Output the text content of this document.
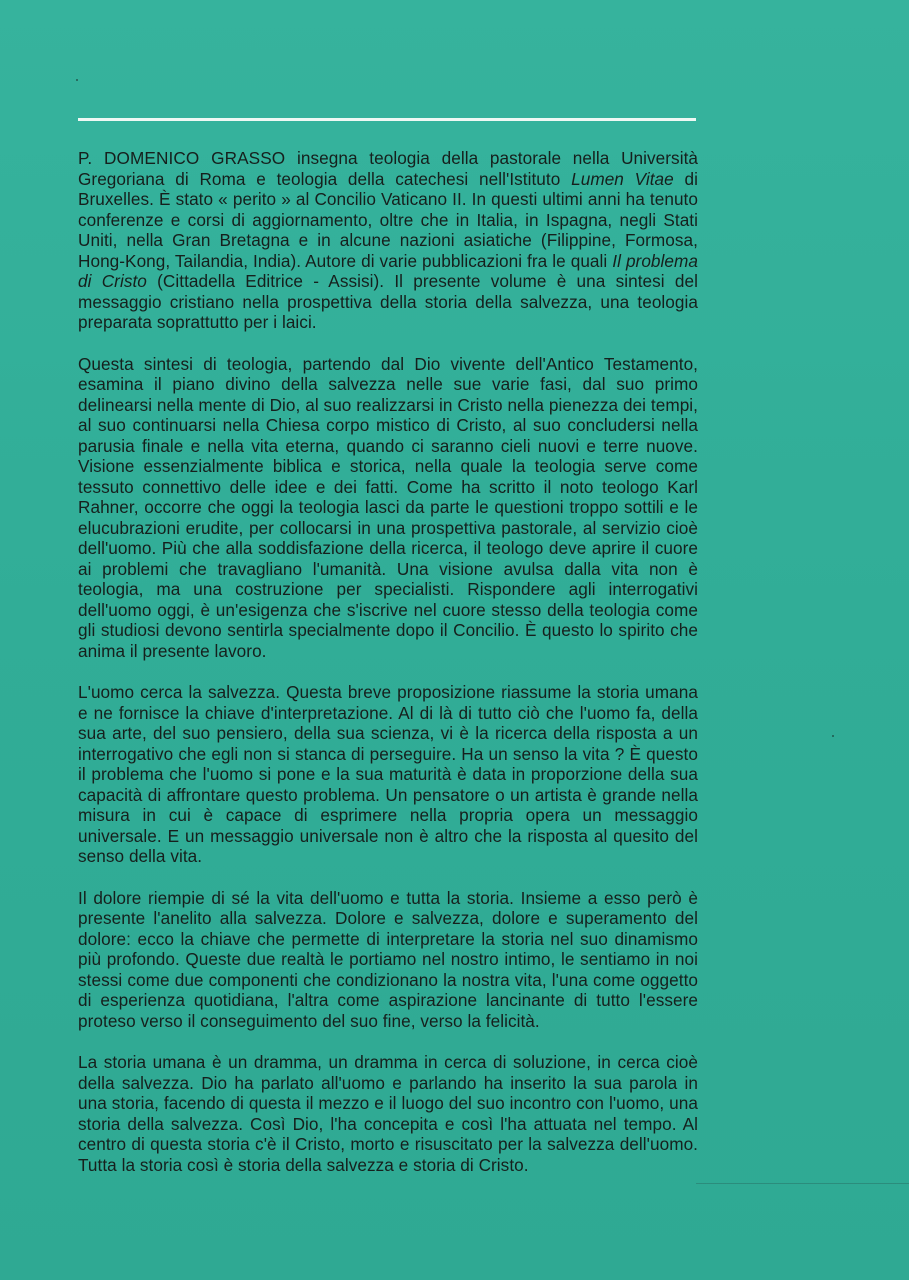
P. DOMENICO GRASSO insegna teologia della pastorale nella Università Gregoriana di Roma e teologia della catechesi nell'Istituto Lumen Vitae di Bruxelles. È stato « perito » al Concilio Vaticano II. In questi ultimi anni ha tenuto conferenze e corsi di aggiornamento, oltre che in Italia, in Ispagna, negli Stati Uniti, nella Gran Bretagna e in alcune nazioni asiatiche (Filippine, Formosa, Hong-Kong, Tailandia, India). Autore di varie pubblicazioni fra le quali Il problema di Cristo (Cittadella Editrice - Assisi). Il presente volume è una sintesi del messaggio cristiano nella prospettiva della storia della salvezza, una teologia preparata soprattutto per i laici.

Questa sintesi di teologia, partendo dal Dio vivente dell'Antico Testamento, esamina il piano divino della salvezza nelle sue varie fasi, dal suo primo delinearsi nella mente di Dio, al suo realizzarsi in Cristo nella pienezza dei tempi, al suo continuarsi nella Chiesa corpo mistico di Cristo, al suo concludersi nella parusia finale e nella vita eterna, quando ci saranno cieli nuovi e terre nuove. Visione essenzialmente biblica e storica, nella quale la teologia serve come tessuto connettivo delle idee e dei fatti. Come ha scritto il noto teologo Karl Rahner, occorre che oggi la teologia lasci da parte le questioni troppo sottili e le elucubrazioni erudite, per collocarsi in una prospettiva pastorale, al servizio cioè dell'uomo. Più che alla soddisfazione della ricerca, il teologo deve aprire il cuore ai problemi che travagliano l'umanità. Una visione avulsa dalla vita non è teologia, ma una costruzione per specialisti. Rispondere agli interrogativi dell'uomo oggi, è un'esigenza che s'iscrive nel cuore stesso della teologia come gli studiosi devono sentirla specialmente dopo il Concilio. È questo lo spirito che anima il presente lavoro.

L'uomo cerca la salvezza. Questa breve proposizione riassume la storia umana e ne fornisce la chiave d'interpretazione. Al di là di tutto ciò che l'uomo fa, della sua arte, del suo pensiero, della sua scienza, vi è la ricerca della risposta a un interrogativo che egli non si stanca di perseguire. Ha un senso la vita ? È questo il problema che l'uomo si pone e la sua maturità è data in proporzione della sua capacità di affrontare questo problema. Un pensatore o un artista è grande nella misura in cui è capace di esprimere nella propria opera un messaggio universale. E un messaggio universale non è altro che la risposta al quesito del senso della vita.

Il dolore riempie di sé la vita dell'uomo e tutta la storia. Insieme a esso però è presente l'anelito alla salvezza. Dolore e salvezza, dolore e superamento del dolore: ecco la chiave che permette di interpretare la storia nel suo dinamismo più profondo. Queste due realtà le portiamo nel nostro intimo, le sentiamo in noi stessi come due componenti che condizionano la nostra vita, l'una come oggetto di esperienza quotidiana, l'altra come aspirazione lancinante di tutto l'essere proteso verso il conseguimento del suo fine, verso la felicità.

La storia umana è un dramma, un dramma in cerca di soluzione, in cerca cioè della salvezza. Dio ha parlato all'uomo e parlando ha inserito la sua parola in una storia, facendo di questa il mezzo e il luogo del suo incontro con l'uomo, una storia della salvezza. Così Dio, l'ha concepita e così l'ha attuata nel tempo. Al centro di questa storia c'è il Cristo, morto e risuscitato per la salvezza dell'uomo. Tutta la storia così è storia della salvezza e storia di Cristo.
